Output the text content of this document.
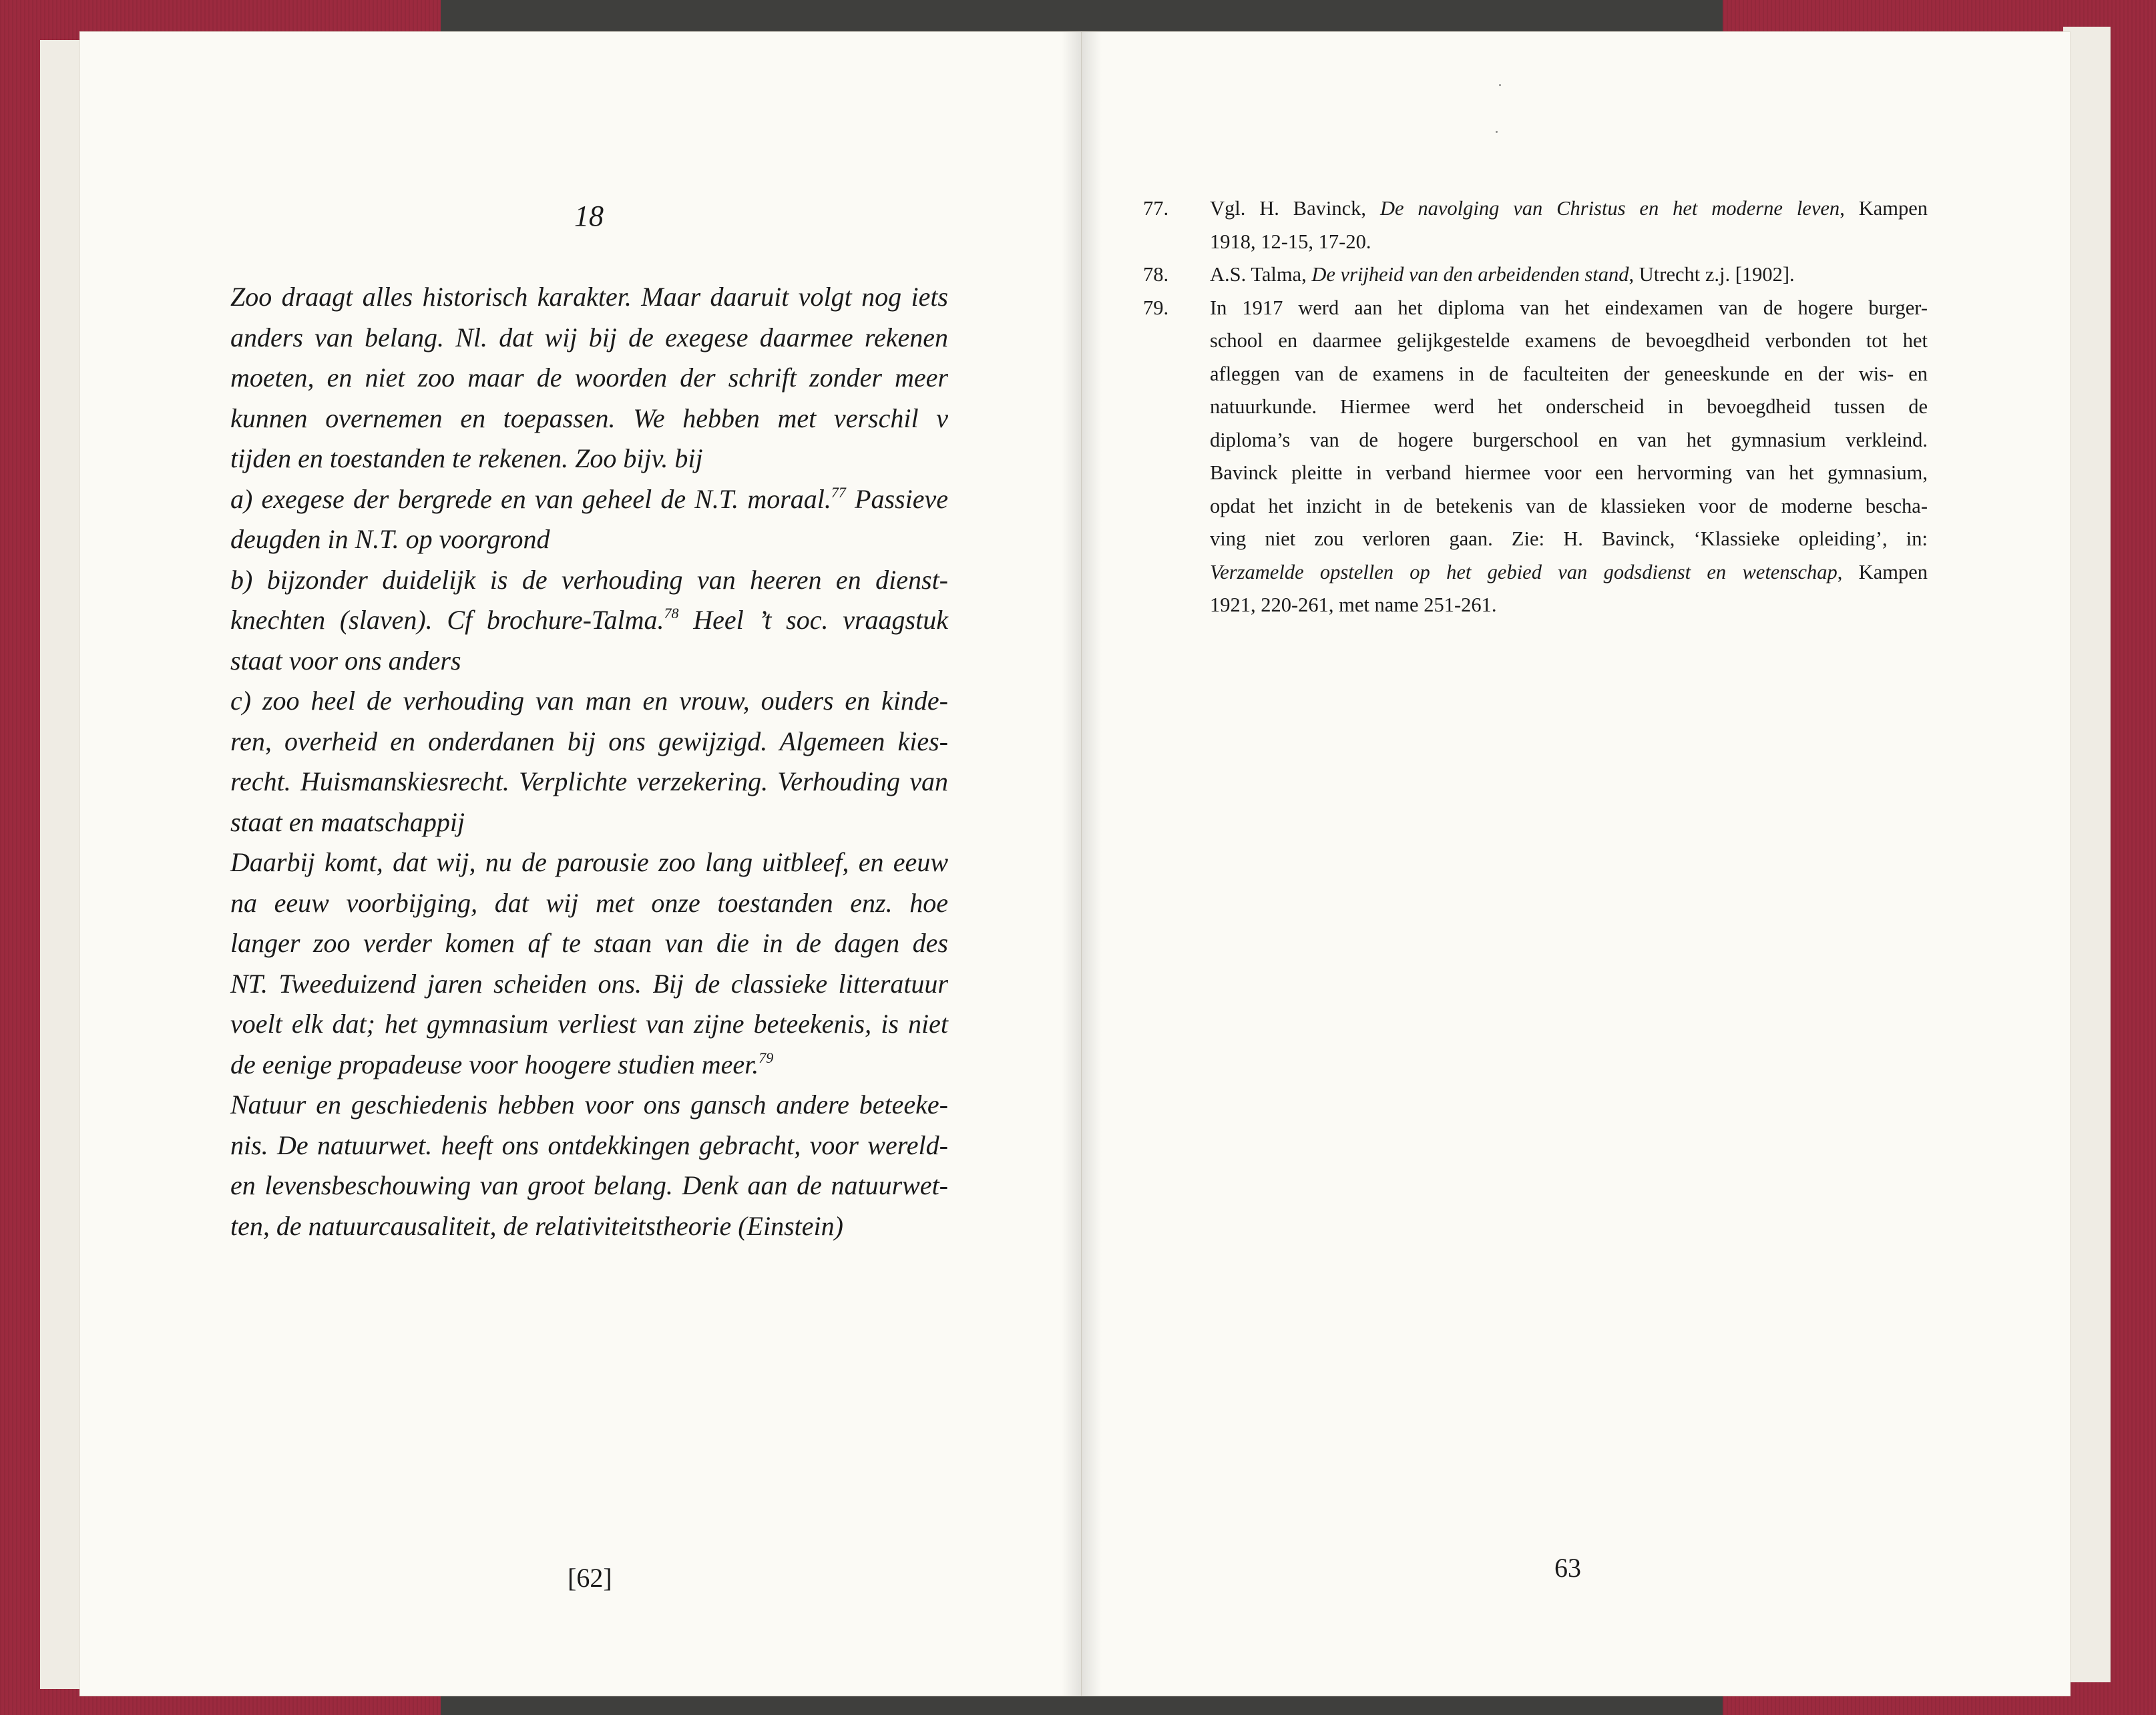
18
Zoo draagt alles historisch karakter. Maar daaruit volgt nog iets
anders van belang. Nl. dat wij bij de exegese daarmee rekenen
moeten, en niet zoo maar de woorden der schrift zonder meer
kunnen overnemen en toepassen. We hebben met verschil v
tijden en toestanden te rekenen. Zoo bijv. bij
a) exegese der bergrede en van geheel de N.T. moraal.$^{77}$ Passieve
deugden in N.T. op voorgrond
b) bijzonder duidelijk is de verhouding van heeren en dienst-
knechten (slaven). Cf brochure-Talma.$^{78}$ Heel ’t soc. vraagstuk
staat voor ons anders
c) zoo heel de verhouding van man en vrouw, ouders en kinde-
ren, overheid en onderdanen bij ons gewijzigd. Algemeen kies-
recht. Huismanskiesrecht. Verplichte verzekering. Verhouding van
staat en maatschappij
Daarbij komt, dat wij, nu de parousie zoo lang uitbleef, en eeuw
na eeuw voorbijging, dat wij met onze toestanden enz. hoe
langer zoo verder komen af te staan van die in de dagen des
NT. Tweeduizend jaren scheiden ons. Bij de classieke litteratuur
voelt elk dat; het gymnasium verliest van zijne beteekenis, is niet
de eenige propadeuse voor hoogere studien meer.$^{79}$
Natuur en geschiedenis hebben voor ons gansch andere beteeke-
nis. De natuurwet. heeft ons ontdekkingen gebracht, voor wereld-
en levensbeschouwing van groot belang. Denk aan de natuurwet-
ten, de natuurcausaliteit, de relativiteitstheorie (Einstein)
[62]
77. Vgl. H. Bavinck, De navolging van Christus en het moderne leven, Kampen
1918, 12-15, 17-20.
78. A.S. Talma, De vrijheid van den arbeidenden stand, Utrecht z.j. [1902].
79. In 1917 werd aan het diploma van het eindexamen van de hogere burger-
school en daarmee gelijkgestelde examens de bevoegdheid verbonden tot het
afleggen van de examens in de faculteiten der geneeskunde en der wis- en
natuurkunde. Hiermee werd het onderscheid in bevoegdheid tussen de
diploma’s van de hogere burgerschool en van het gymnasium verkleind.
Bavinck pleitte in verband hiermee voor een hervorming van het gymnasium,
opdat het inzicht in de betekenis van de klassieken voor de moderne bescha-
ving niet zou verloren gaan. Zie: H. Bavinck, ‘Klassieke opleiding’, in:
Verzamelde opstellen op het gebied van godsdienst en wetenschap, Kampen
1921, 220-261, met name 251-261.
63
